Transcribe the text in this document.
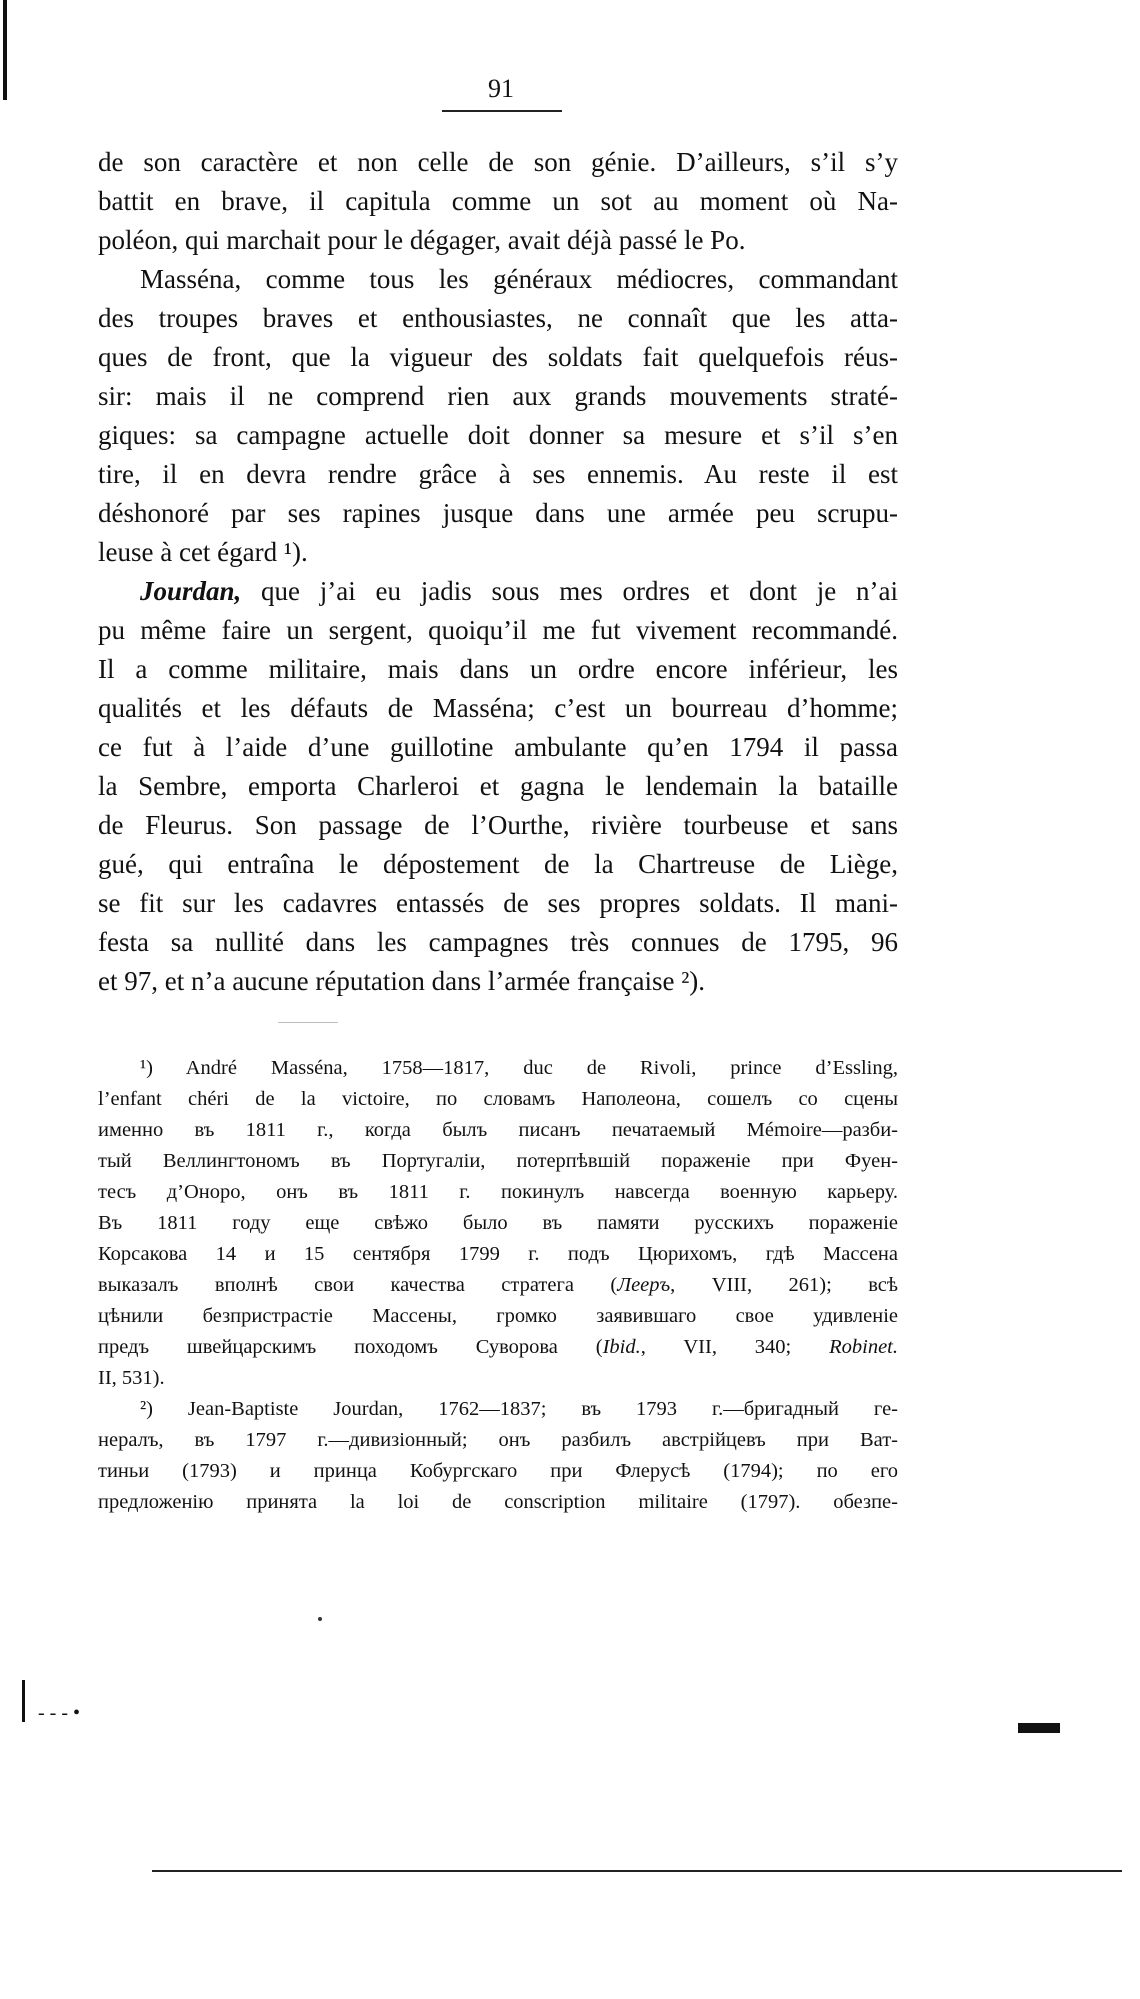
91
de son caractère et non celle de son génie. D’ailleurs, s’il s’y
battit en brave, il capitula comme un sot au moment où Na-
poléon, qui marchait pour le dégager, avait déjà passé le Po.
Masséna, comme tous les généraux médiocres, commandant
des troupes braves et enthousiastes, ne connaît que les atta-
ques de front, que la vigueur des soldats fait quelquefois réus-
sir: mais il ne comprend rien aux grands mouvements straté-
giques: sa campagne actuelle doit donner sa mesure et s’il s’en
tire, il en devra rendre grâce à ses ennemis. Au reste il est
déshonoré par ses rapines jusque dans une armée peu scrupu-
leuse à cet égard ¹).
Jourdan, que j’ai eu jadis sous mes ordres et dont je n’ai
pu même faire un sergent, quoiqu’il me fut vivement recommandé.
Il a comme militaire, mais dans un ordre encore inférieur, les
qualités et les défauts de Masséna; c’est un bourreau d’homme;
ce fut à l’aide d’une guillotine ambulante qu’en 1794 il passa
la Sembre, emporta Charleroi et gagna le lendemain la bataille
de Fleurus. Son passage de l’Ourthe, rivière tourbeuse et sans
gué, qui entraîna le dépostement de la Chartreuse de Liège,
se fit sur les cadavres entassés de ses propres soldats. Il mani-
festa sa nullité dans les campagnes très connues de 1795, 96
et 97, et n’a aucune réputation dans l’armée française ²).
¹) André Masséna, 1758—1817, duc de Rivoli, prince d’Essling,
l’enfant chéri de la victoire, по словамъ Наполеона, сошелъ со сцены
именно въ 1811 г., когда былъ писанъ печатаемый Mémoire—разби-
тый Веллингтономъ въ Португаліи, потерпѣвшій пораженіе при Фуен-
тесъ д’Оноро, онъ въ 1811 г. покинулъ навсегда военную карьеру.
Въ 1811 году еще свѣжо было въ памяти русскихъ пораженіе
Корсакова 14 и 15 сентября 1799 г. подъ Цюрихомъ, гдѣ Массена
выказалъ вполнѣ свои качества стратега (Лееръ, VIII, 261); всѣ
цѣнили безпристрастіе Массены, громко заявившаго свое удивленіе
предъ швейцарскимъ походомъ Суворова (Ibid., VII, 340; Robinet.
II, 531).
²) Jean-Baptiste Jourdan, 1762—1837; въ 1793 г.—бригадный ге-
нералъ, въ 1797 г.—дивизіонный; онъ разбилъ австрійцевъ при Ват-
тиньи (1793) и принца Кобургскаго при Флерусѣ (1794); по его
предложенію принята la loi de conscription militaire (1797). обезпе-
- - - •
